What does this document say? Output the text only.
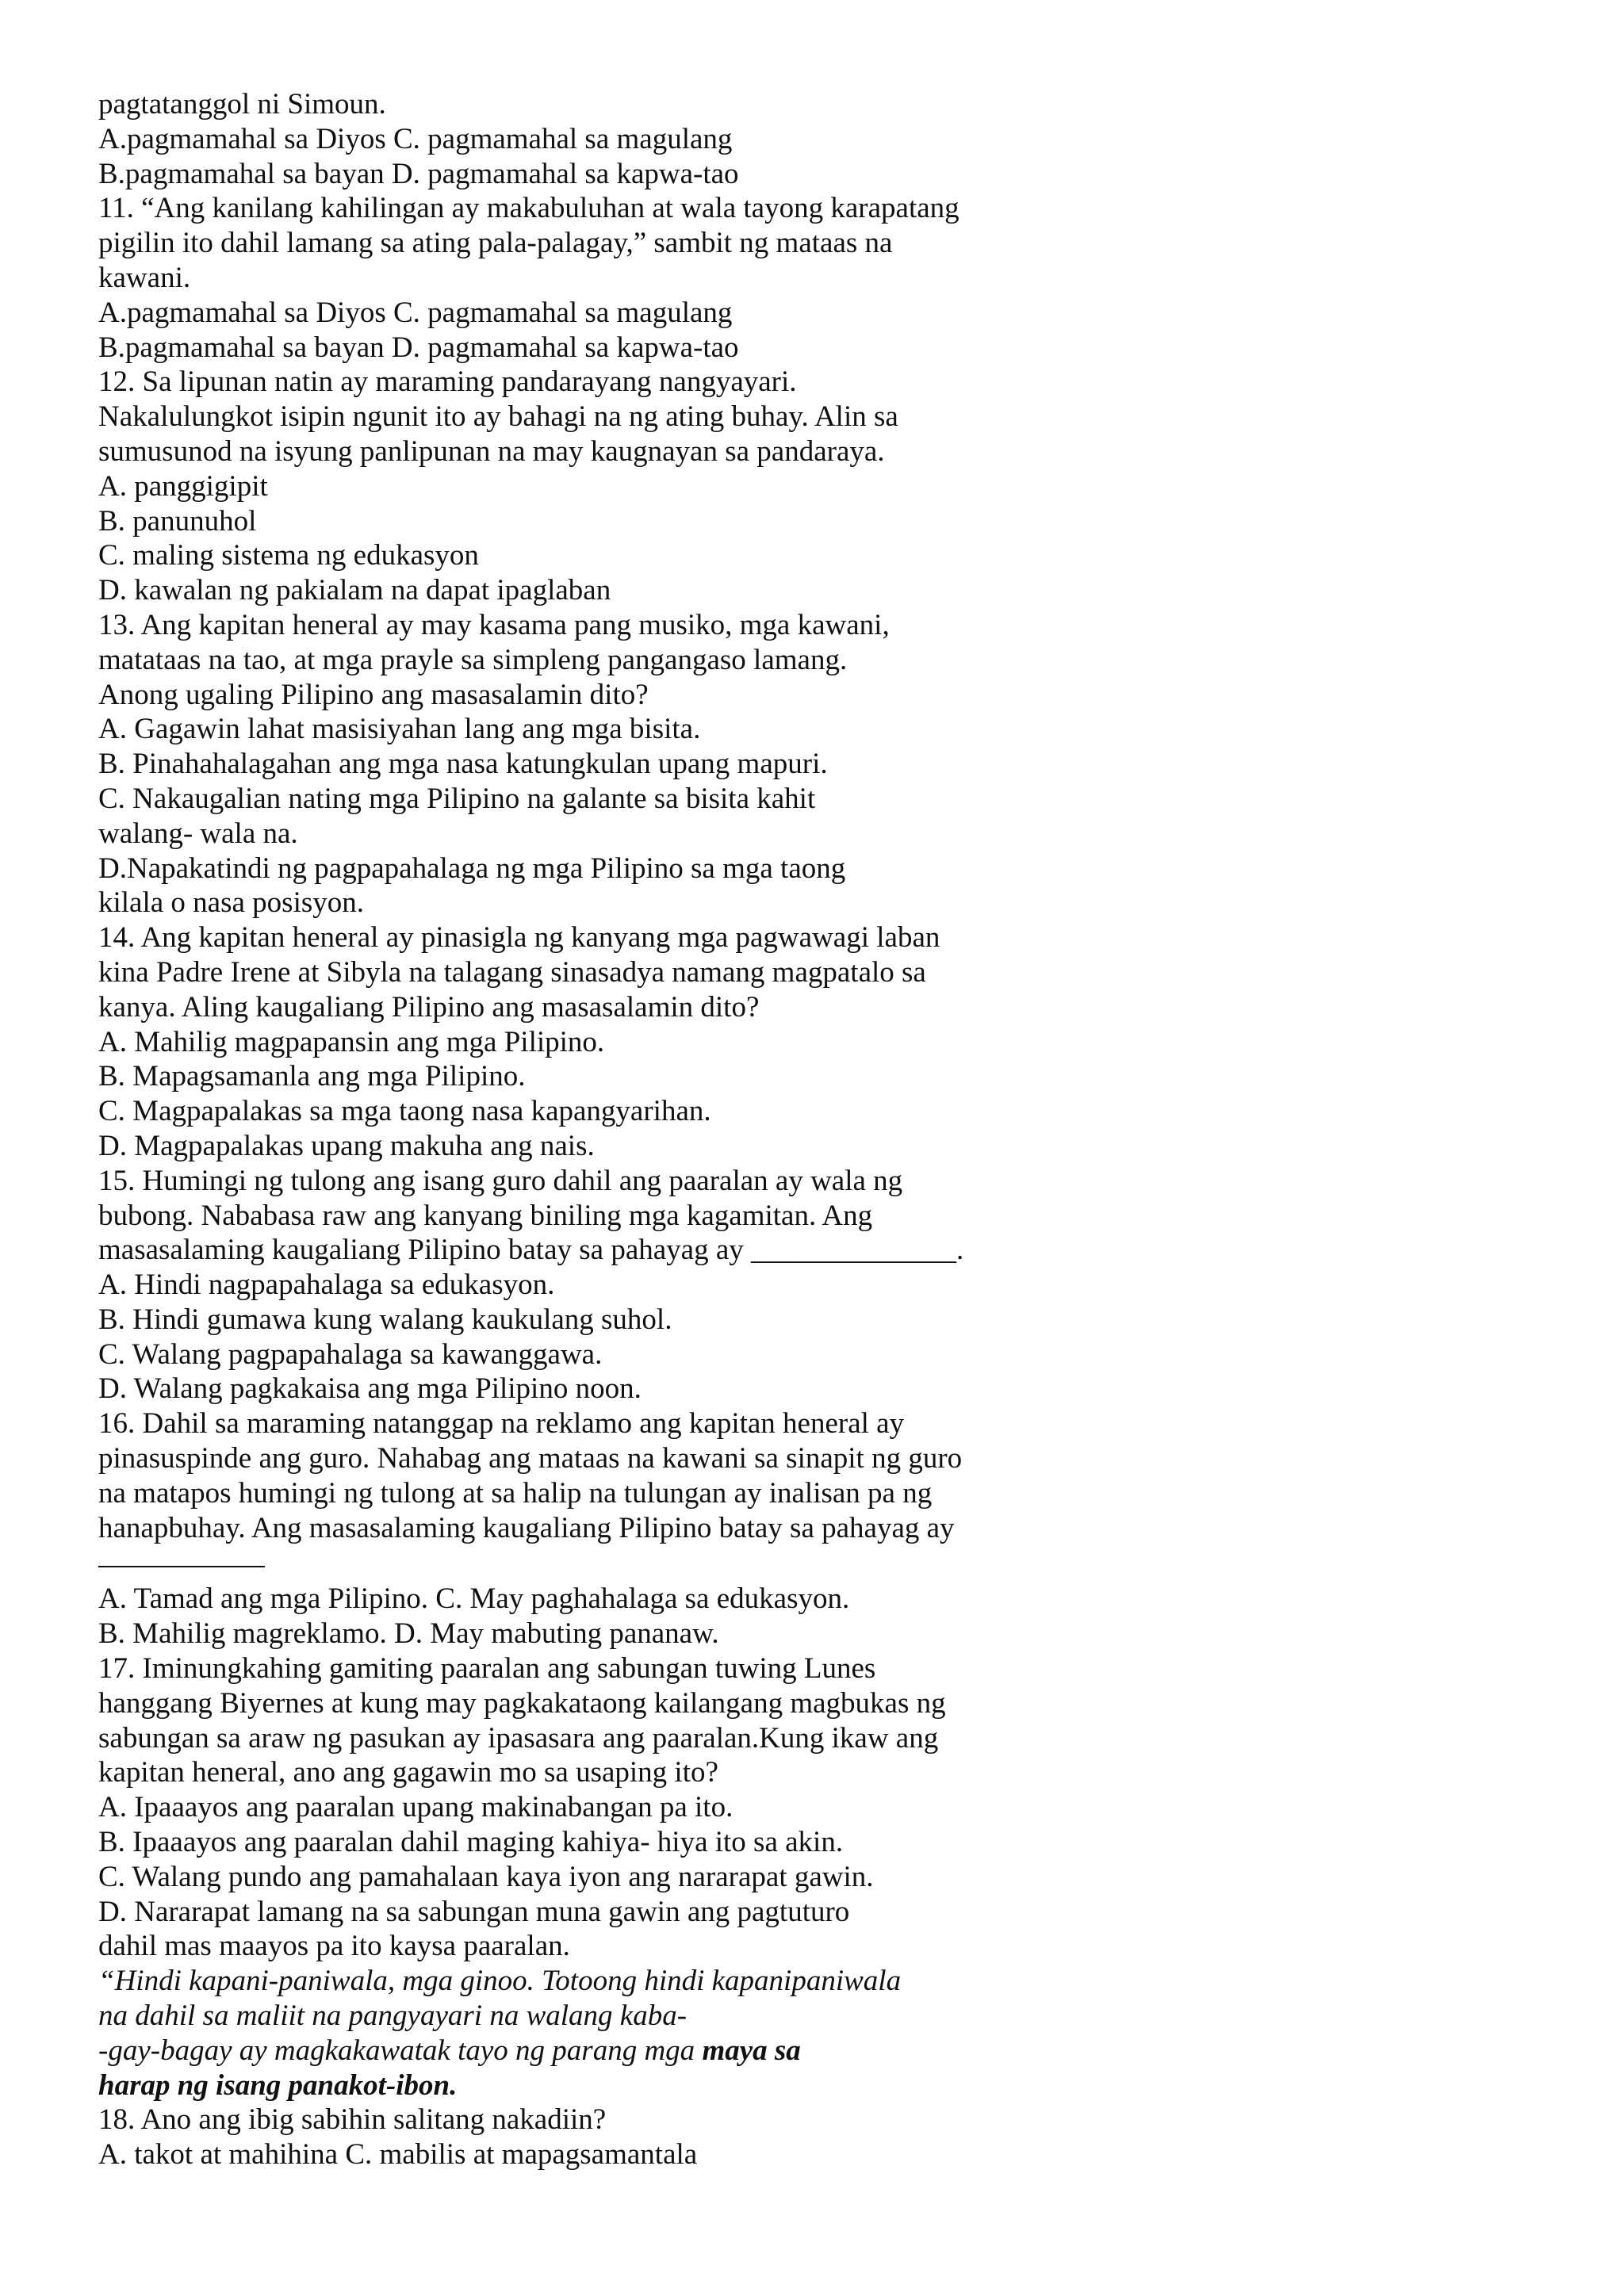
pagtatanggol ni Simoun.
A.pagmamahal sa Diyos C. pagmamahal sa magulang
B.pagmamahal sa bayan D. pagmamahal sa kapwa-tao
11. “Ang kanilang kahilingan ay makabuluhan at wala tayong karapatang
pigilin ito dahil lamang sa ating pala-palagay,” sambit ng mataas na
kawani.
A.pagmamahal sa Diyos C. pagmamahal sa magulang
B.pagmamahal sa bayan D. pagmamahal sa kapwa-tao
12. Sa lipunan natin ay maraming pandarayang nangyayari.
Nakalulungkot isipin ngunit ito ay bahagi na ng ating buhay. Alin sa
sumusunod na isyung panlipunan na may kaugnayan sa pandaraya.
A. panggigipit
B. panunuhol
C. maling sistema ng edukasyon
D. kawalan ng pakialam na dapat ipaglaban
13. Ang kapitan heneral ay may kasama pang musiko, mga kawani,
matataas na tao, at mga prayle sa simpleng pangangaso lamang.
Anong ugaling Pilipino ang masasalamin dito?
A. Gagawin lahat masisiyahan lang ang mga bisita.
B. Pinahahalagahan ang mga nasa katungkulan upang mapuri.
C. Nakaugalian nating mga Pilipino na galante sa bisita kahit
walang- wala na.
D.Napakatindi ng pagpapahalaga ng mga Pilipino sa mga taong
kilala o nasa posisyon.
14. Ang kapitan heneral ay pinasigla ng kanyang mga pagwawagi laban
kina Padre Irene at Sibyla na talagang sinasadya namang magpatalo sa
kanya. Aling kaugaliang Pilipino ang masasalamin dito?
A. Mahilig magpapansin ang mga Pilipino.
B. Mapagsamanla ang mga Pilipino.
C. Magpapalakas sa mga taong nasa kapangyarihan.
D. Magpapalakas upang makuha ang nais.
15. Humingi ng tulong ang isang guro dahil ang paaralan ay wala ng
bubong. Nababasa raw ang kanyang biniling mga kagamitan. Ang
masasalaming kaugaliang Pilipino batay sa pahayag ay ______________.
A. Hindi nagpapahalaga sa edukasyon.
B. Hindi gumawa kung walang kaukulang suhol.
C. Walang pagpapahalaga sa kawanggawa.
D. Walang pagkakaisa ang mga Pilipino noon.
16. Dahil sa maraming natanggap na reklamo ang kapitan heneral ay
pinasuspinde ang guro. Nahabag ang mataas na kawani sa sinapit ng guro
na matapos humingi ng tulong at sa halip na tulungan ay inalisan pa ng
hanapbuhay. Ang masasalaming kaugaliang Pilipino batay sa pahayag ay
A. Tamad ang mga Pilipino. C. May paghahalaga sa edukasyon.
B. Mahilig magreklamo. D. May mabuting pananaw.
17. Iminungkahing gamiting paaralan ang sabungan tuwing Lunes
hanggang Biyernes at kung may pagkakataong kailangang magbukas ng
sabungan sa araw ng pasukan ay ipasasara ang paaralan.Kung ikaw ang
kapitan heneral, ano ang gagawin mo sa usaping ito?
A. Ipaaayos ang paaralan upang makinabangan pa ito.
B. Ipaaayos ang paaralan dahil maging kahiya- hiya ito sa akin.
C. Walang pundo ang pamahalaan kaya iyon ang nararapat gawin.
D. Nararapat lamang na sa sabungan muna gawin ang pagtuturo
dahil mas maayos pa ito kaysa paaralan.
“Hindi kapani-paniwala, mga ginoo. Totoong hindi kapanipaniwala
na dahil sa maliit na pangyayari na walang kaba-
-gay-bagay ay magkakawatak tayo ng parang mga maya sa
harap ng isang panakot-ibon.
18. Ano ang ibig sabihin salitang nakadiin?
A. takot at mahihina C. mabilis at mapagsamantala
